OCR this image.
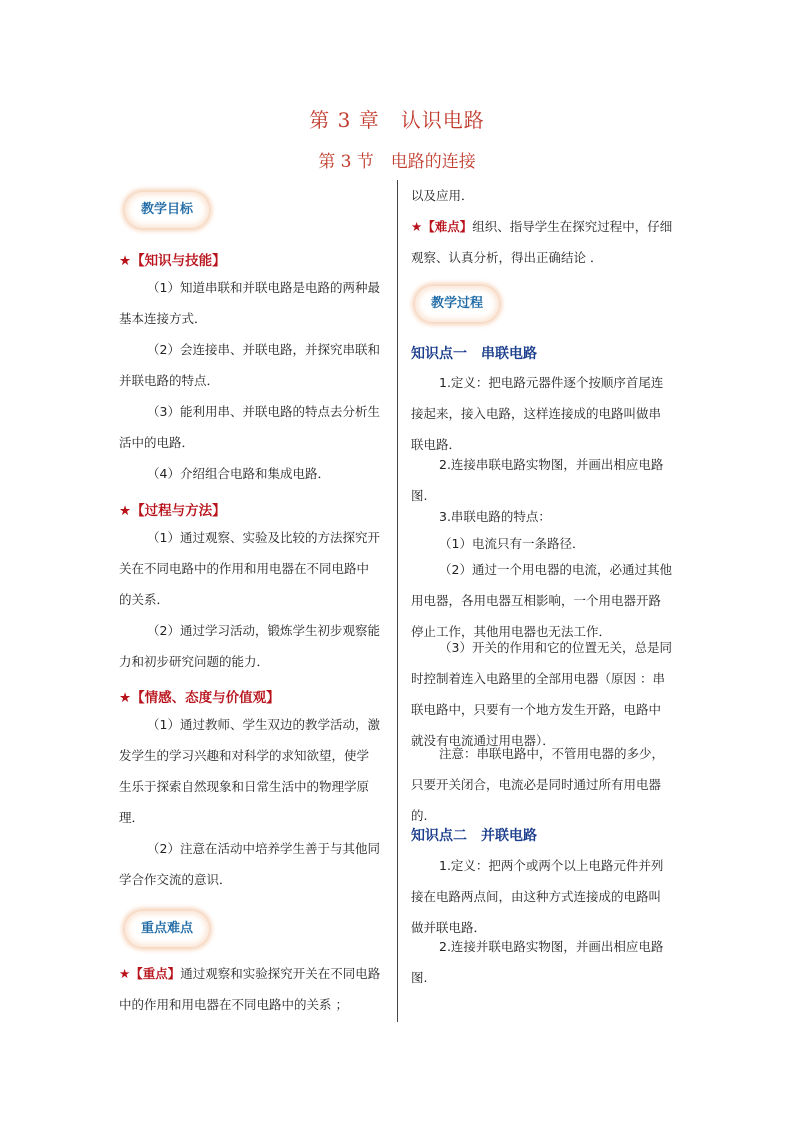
第 3 章　认识电路
第 3 节　电路的连接
教学目标
★【知识与技能】
（1）知道串联和并联电路是电路的两种最基本连接方式．
（2）会连接串、并联电路，并探究串联和并联电路的特点．
（3）能利用串、并联电路的特点去分析生活中的电路．
（4）介绍组合电路和集成电路．
★【过程与方法】
（1）通过观察、实验及比较的方法探究开关在不同电路中的作用和用电器在不同电路中的关系．
（2）通过学习活动，锻炼学生初步观察能力和初步研究问题的能力．
★【情感、态度与价值观】
（1）通过教师、学生双边的教学活动，激发学生的学习兴趣和对科学的求知欲望，使学生乐于探索自然现象和日常生活中的物理学原理．
（2）注意在活动中培养学生善于与其他同学合作交流的意识．
重点难点
★【重点】通过观察和实验探究开关在不同电路中的作用和用电器在不同电路中的关系 ；
以及应用．
★【难点】组织、指导学生在探究过程中，仔细观察、认真分析，得出正确结论 ．
教学过程
知识点一　串联电路
1.定义：把电路元器件逐个按顺序首尾连接起来，接入电路，这样连接成的电路叫做串联电路．
2.连接串联电路实物图，并画出相应电路图.
3.串联电路的特点：
（1）电流只有一条路径．
（2）通过一个用电器的电流，必通过其他用电器，各用电器互相影响，一个用电器开路停止工作，其他用电器也无法工作．
（3）开关的作用和它的位置无关，总是同时控制着连入电路里的全部用电器（原因 ：串联电路中，只要有一个地方发生开路，电路中就没有电流通过用电器）．
注意：串联电路中，不管用电器的多少，只要开关闭合，电流必是同时通过所有用电器的.
知识点二　并联电路
1.定义：把两个或两个以上电路元件并列接在电路两点间，由这种方式连接成的电路叫做并联电路．
2.连接并联电路实物图，并画出相应电路图.
